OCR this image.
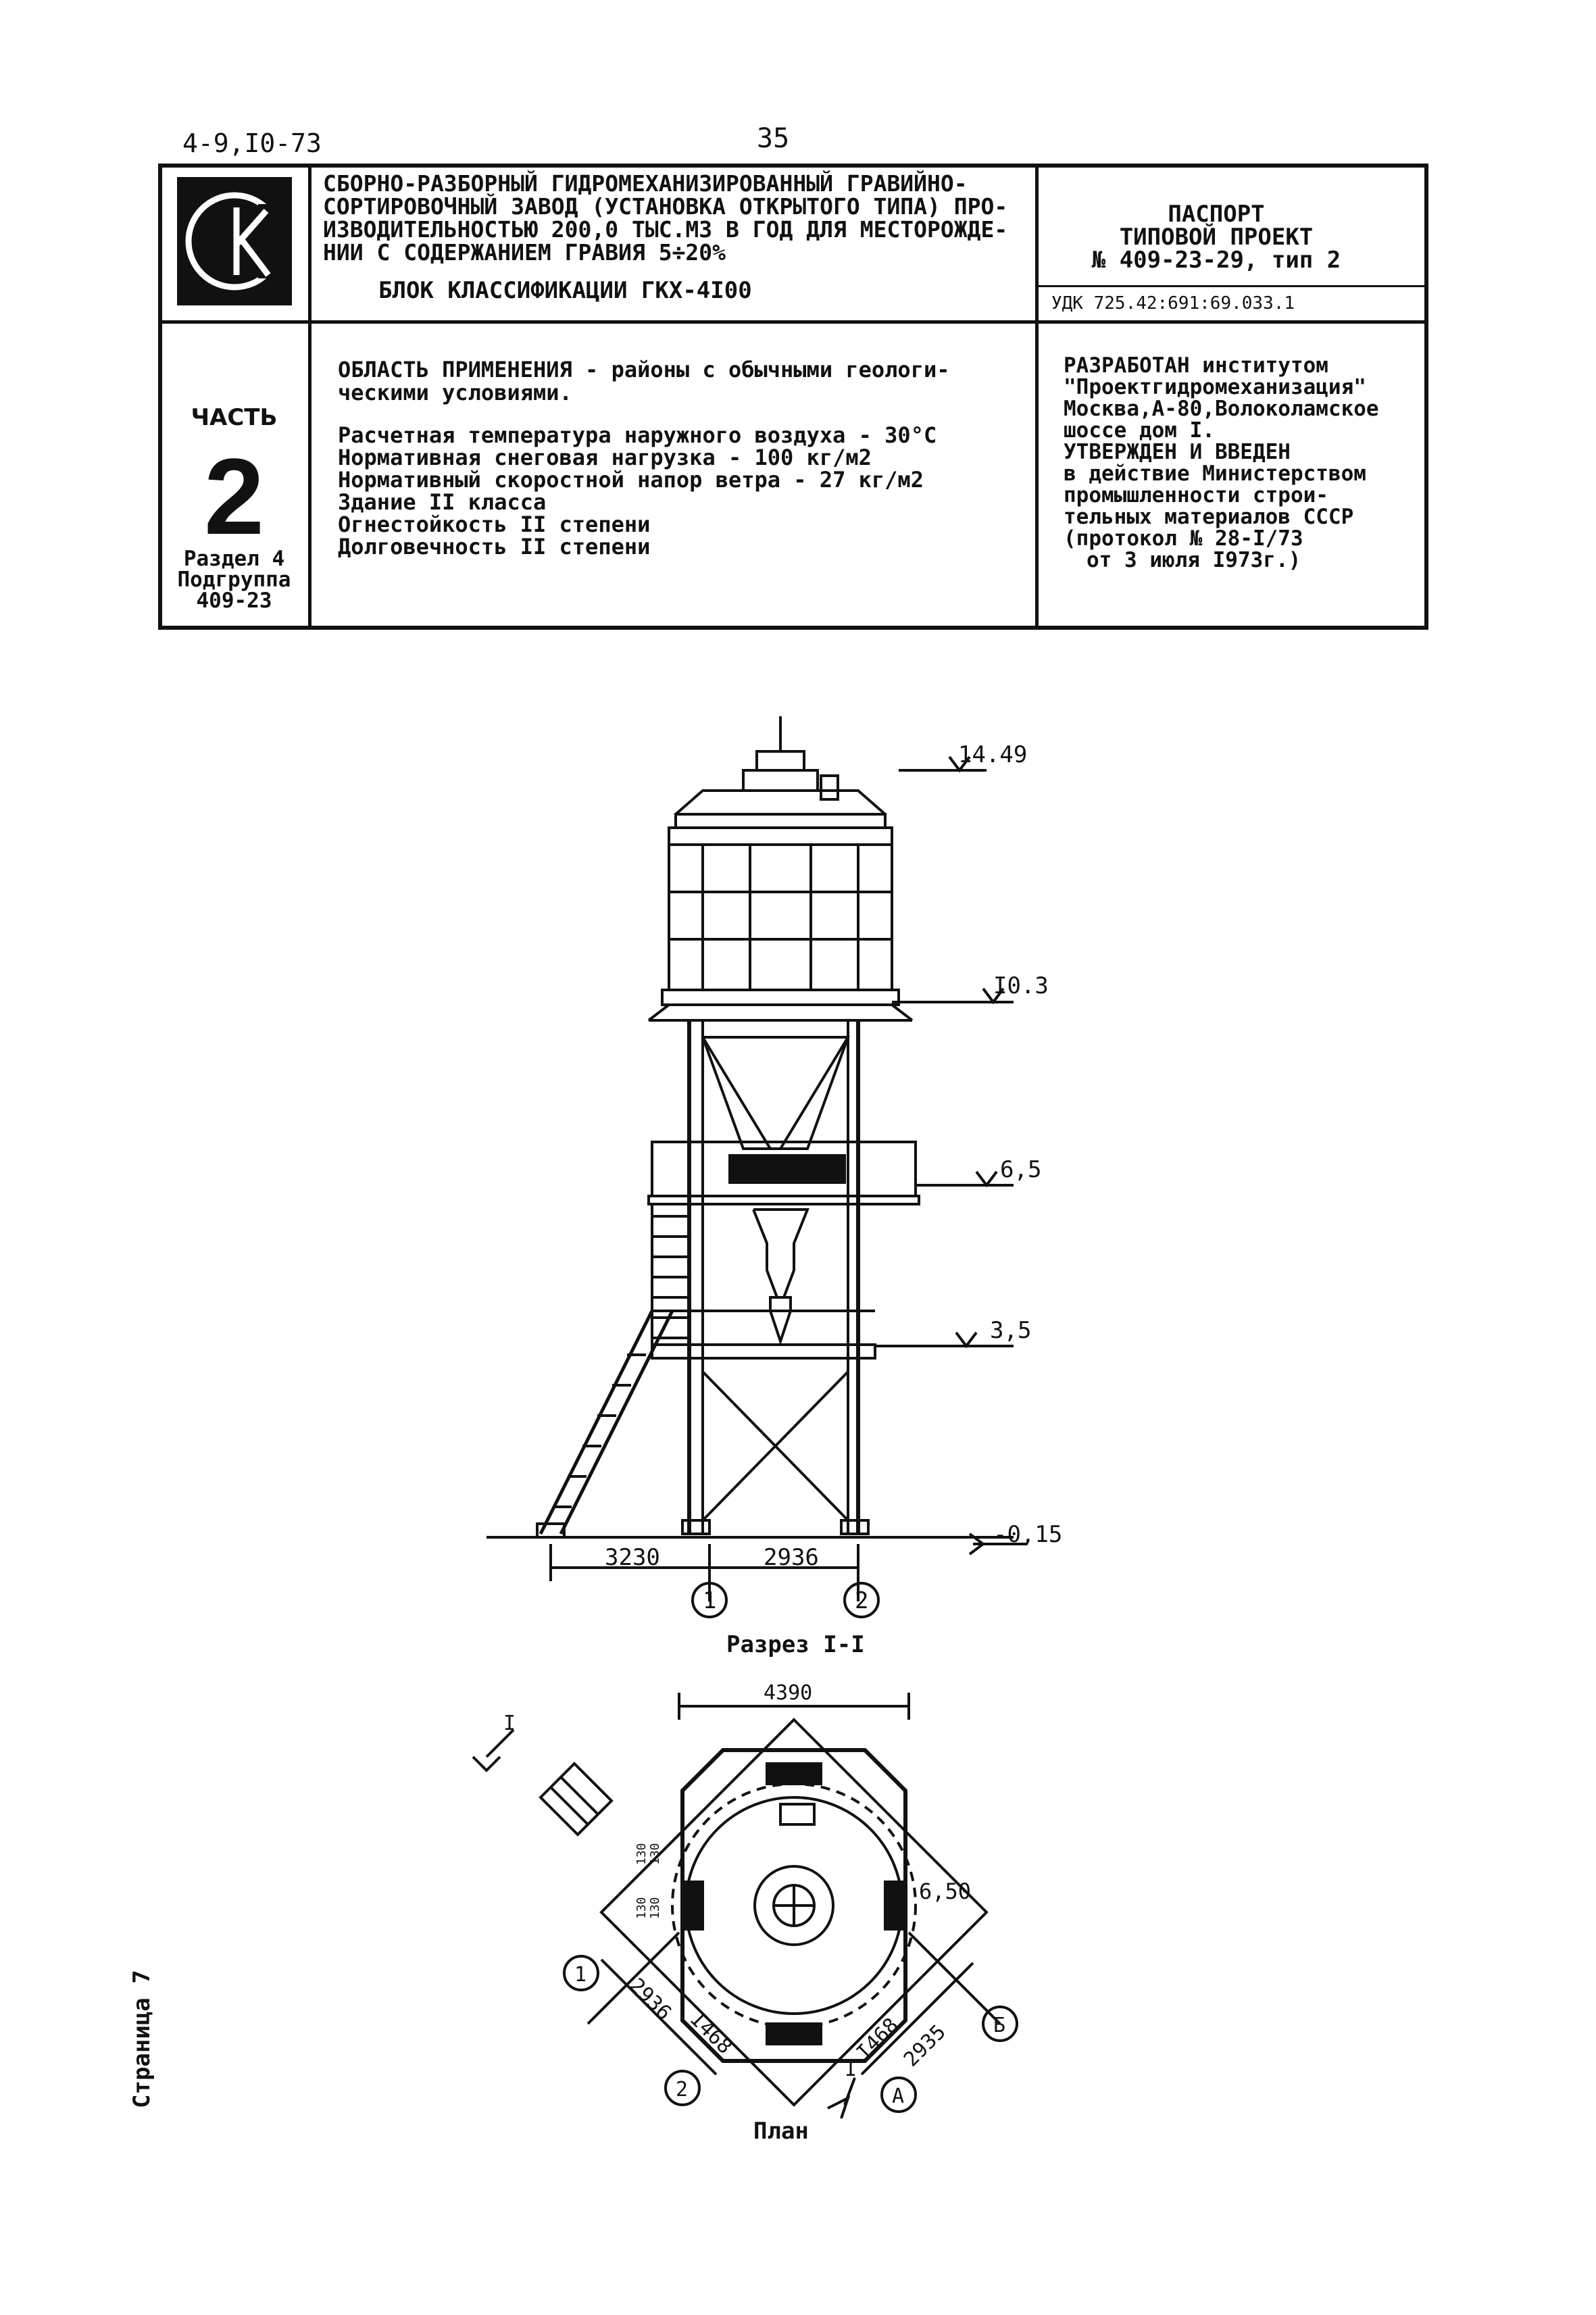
4-9,I0-73	35
СБОРНО-РАЗБОРНЫЙ ГИДРОМЕХАНИЗИРОВАННЫЙ ГРАВИЙНО-
СОРТИРОВОЧНЫЙ ЗАВОД (УСТАНОВКА ОТКРЫТОГО ТИПА) ПРО-
ИЗВОДИТЕЛЬНОСТЬЮ 200,0 ТЫС.М3 В ГОД ДЛЯ МЕСТОРОЖДЕ-
НИИ С СОДЕРЖАНИЕМ ГРАВИЯ 5÷20%
БЛОК КЛАССИФИКАЦИИ ГКХ-4I00
ПАСПОРТ
ТИПОВОЙ ПРОЕКТ
№ 409-23-29, тип 2
УДК 725.42:691:69.033.1
ЧАСТЬ
2
Раздел 4
Подгруппа
409-23
ОБЛАСТЬ ПРИМЕНЕНИЯ - районы с обычными геологи-
ческими условиями.
Расчетная температура наружного воздуха - 30°С
Нормативная снеговая нагрузка - 100 кг/м2
Нормативный скоростной напор ветра - 27 кг/м2
Здание II класса
Огнестойкость II степени
Долговечность II степени
РАЗРАБОТАН институтом
"Проектгидромеханизация"
Москва,А-80,Волоколамское
шоссе дом I.
УТВЕРЖДЕН И ВВЕДЕН
в действие Министерством
промышленности строи-
тельных материалов СССР
(протокол № 28-I/73
от 3 июля I973г.)
14.49
I0.3
6,5
3,5
-0,15
3230	2936
1	2
Разрез I-I
4390
2936
I468	I468
2935
6,50
1
2
Б
А
I
I
План
130 130
130 130
Страница 7
